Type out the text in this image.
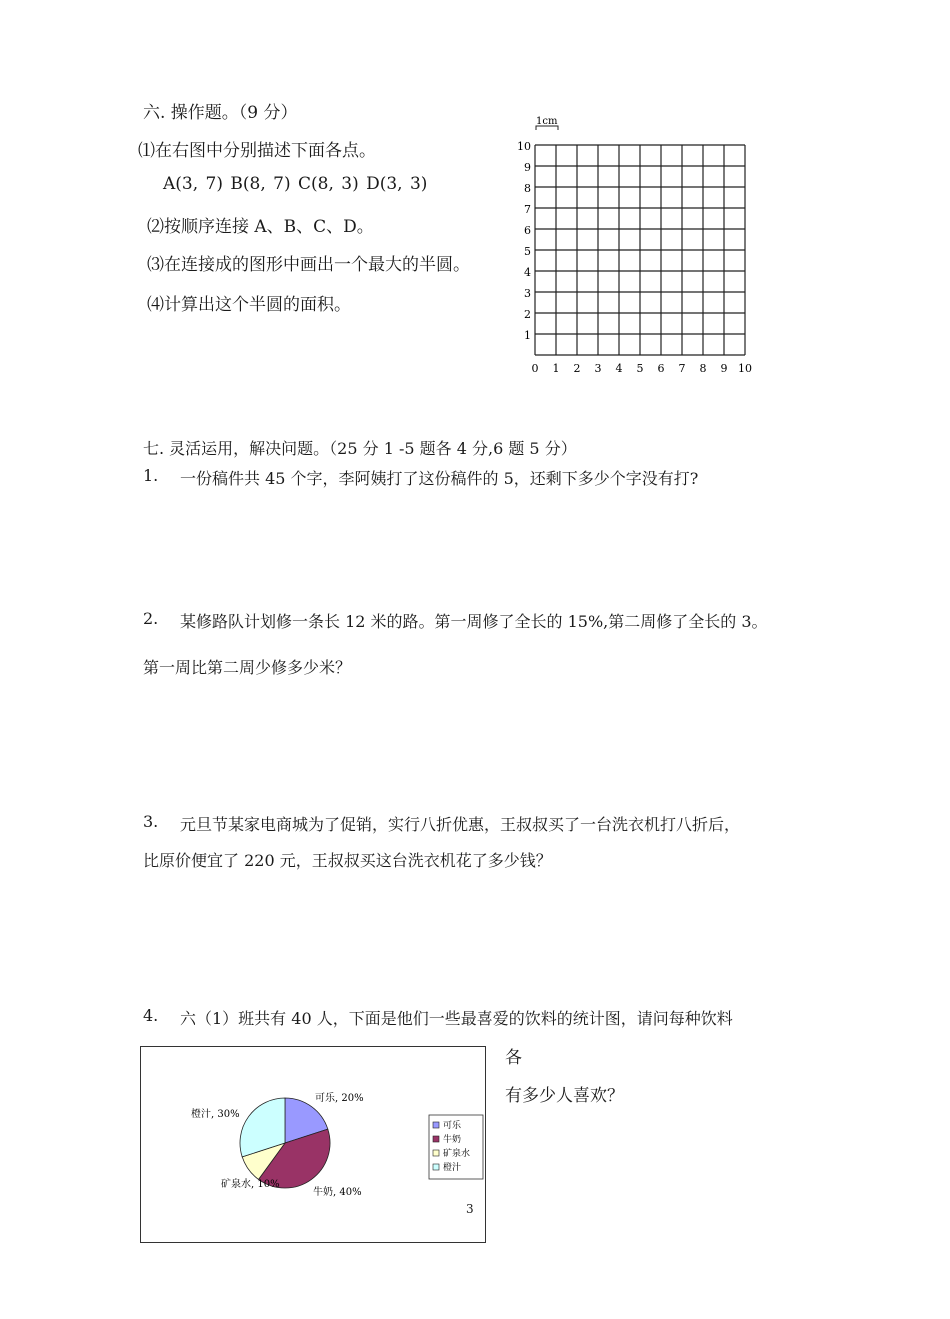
六. 操作题。（9 分）
⑴在右图中分别描述下面各点。
A(3, 7) B(8, 7) C(8, 3) D(3, 3)
⑵按顺序连接 A、B、C、D。
⑶在连接成的图形中画出一个最大的半圆。
⑷计算出这个半圆的面积。
0 1 2 3 4 5 6 7 8 9 10
1
2
3
4
5
6
7
8
9
10
1cm
七. 灵活运用，解决问题。（25 分 1 -5 题各 4 分,6 题 5 分）
1. 一份稿件共 45 个字，李阿姨打了这份稿件的 5，还剩下多少个字没有打?
2. 某修路队计划修一条长 12 米的路。第一周修了全长的 15%,第二周修了全长的 3。
第一周比第二周少修多少米？
3. 元旦节某家电商城为了促销，实行八折优惠，王叔叔买了一台洗衣机打八折后，
比原价便宜了 220 元，王叔叔买这台洗衣机花了多少钱？
4. 六（1）班共有 40 人，下面是他们一些最喜爱的饮料的统计图，请问每种饮料
各
有多少人喜欢？
可乐, 20%
牛奶, 40%
矿泉水, 10%
橙汁, 30%
可乐
牛奶
矿泉水
橙汁
3
